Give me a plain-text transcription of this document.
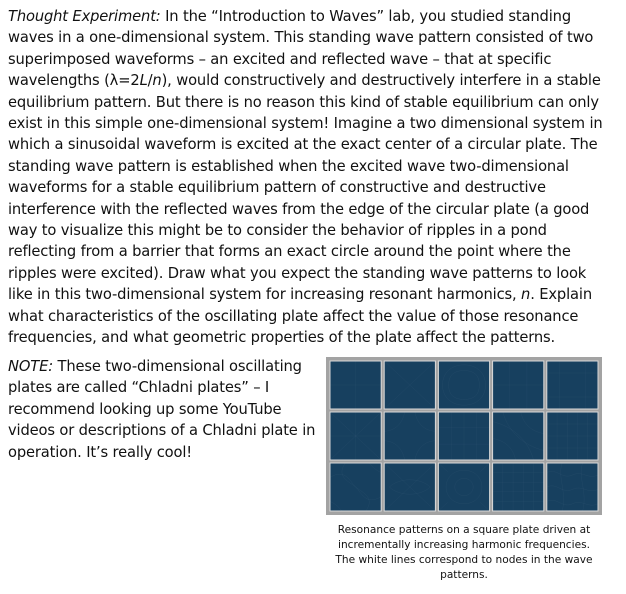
Thought Experiment: In the “Introduction to Waves” lab, you studied standing waves in a one-dimensional system. This standing wave pattern consisted of two superimposed waveforms – an excited and reflected wave – that at specific wavelengths (λ=2L/n), would constructively and destructively interfere in a stable equilibrium pattern. But there is no reason this kind of stable equilibrium can only exist in this simple one-dimensional system! Imagine a two dimensional system in which a sinusoidal waveform is excited at the exact center of a circular plate. The standing wave pattern is established when the excited wave two-dimensional waveforms for a stable equilibrium pattern of constructive and destructive interference with the reflected waves from the edge of the circular plate (a good way to visualize this might be to consider the behavior of ripples in a pond reflecting from a barrier that forms an exact circle around the point where the ripples were excited). Draw what you expect the standing wave patterns to look like in this two-dimensional system for increasing resonant harmonics, n. Explain what characteristics of the oscillating plate affect the value of those resonance frequencies, and what geometric properties of the plate affect the patterns.

NOTE: These two-dimensional oscillating plates are called “Chladni plates” – I recommend looking up some YouTube videos or descriptions of a Chladni plate in operation. It’s really cool!

Resonance patterns on a square plate driven at incrementally increasing harmonic frequencies. The white lines correspond to nodes in the wave patterns.
